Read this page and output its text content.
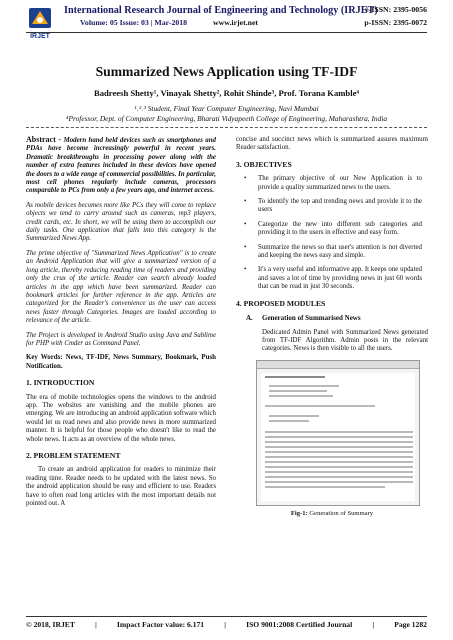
IRJET
International Research Journal of Engineering and Technology (IRJET)
e-ISSN: 2395-0056
Volume: 05 Issue: 03 | Mar-2018	www.irjet.net	p-ISSN: 2395-0072
Summarized News Application using TF-IDF
Badreesh Shetty¹, Vinayak Shetty², Rohit Shinde³, Prof. Torana Kamble⁴
¹˒²˒³ Student, Final Year Computer Engineering, Navi Mumbai
⁴Professor, Dept. of Computer Engineering, Bharati Vidyapeeth College of Engineering, Maharashtra, India

Abstract - Modern hand held devices such as smartphones and PDAs have become increasingly powerful in recent years. Dramatic breakthroughs in processing power along with the number of extra features included in these devices have opened the doors to a wide range of commercial possibilities. In particular, most cell phones regularly include cameras, processors comparable to PCs from only a few years ago, and internet access.

As mobile devices becomes more like PCs they will come to replace objects we tend to carry around such as cameras, mp3 players, credit cards, etc. In short, we will be using them to accomplish our daily tasks. One application that falls into this category is the Summarized News App.

The prime objective of "Summarized News Application" is to create an Android Application that will give a summarized version of a long article, thereby reducing reading time of readers and providing only the crux of the article. Reader can search already loaded articles in the app which have been summarized. Reader can bookmark articles for further reference in the app. Articles are categorized for the Reader's convenience as the user can access news faster through Categories. Images are loaded according to relevance of the article.

The Project is developed in Android Studio using Java and Sublime for PHP with Cmder as Command Panel.

Key Words: News, TF-IDF, News Summary, Bookmark, Push Notification.

1. INTRODUCTION

The era of mobile technologies opens the windows to the android app. The websites are vanishing and the mobile phones are emerging. We are introducing an android application software which would let us read news and also provide news in more summarized manner. It is helpful for those people who doesn't like to read the whole news. It acts as an overview of the whole news.

2. PROBLEM STATEMENT

To create an android application for readers to minimize their reading time. Reader needs to be updated with the latest news. So the android application should be easy and efficient to use. Readers have to often read long articles with the most important details not pointed out. A

concise and succinct news which is summarized assures maximum Reader satisfaction.

3. OBJECTIVES
• The primary objective of our New Application is to provide a quality summarized news to the users.
• To identify the top and trending news and provide it to the users
• Categorize the new into different sub categories and providing it to the users in effective and easy form.
• Summarize the news so that user's attention is not diverted and keeping the news easy and simple.
• It's a very useful and informative app. It keeps one updated and saves a lot of time by providing news in just 60 words that can be read in just 30 seconds.
4. PROPOSED MODULES
A. Generation of Summarised News

Dedicated Admin Panel with Summarized News generated from TF-IDF Algorithm. Admin posts in the relevant categories. News is then visible to all the users.

Fig-1: Generation of Summary
© 2018, IRJET	|	Impact Factor value: 6.171	|	ISO 9001:2008 Certified Journal	|	Page 1282
